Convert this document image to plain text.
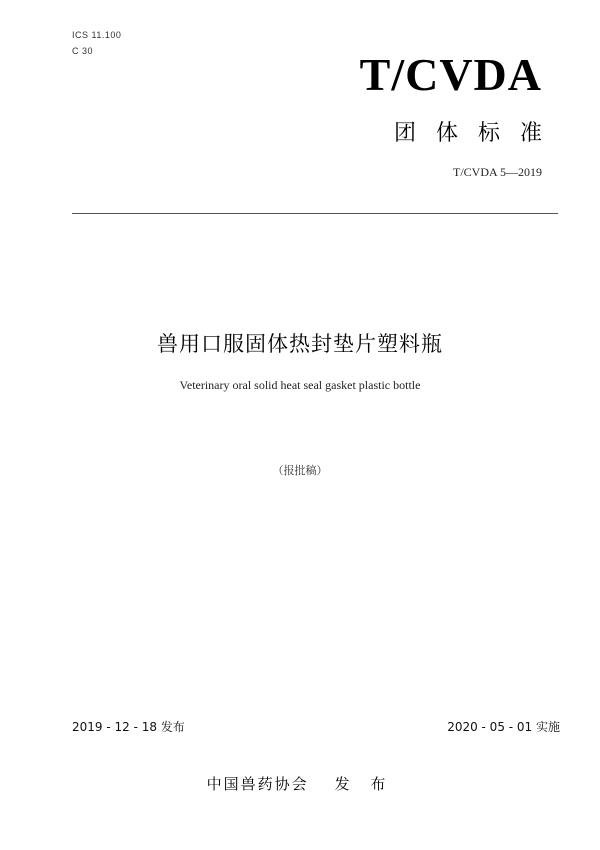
ICS 11.100
C 30	T/CVDA
团体标准
T/CVDA 5—2019
兽用口服固体热封垫片塑料瓶
Veterinary oral solid heat seal gasket plastic bottle
（报批稿）
2019 - 12 - 18 发布	2020 - 05 - 01 实施
中国兽药协会 发 布
